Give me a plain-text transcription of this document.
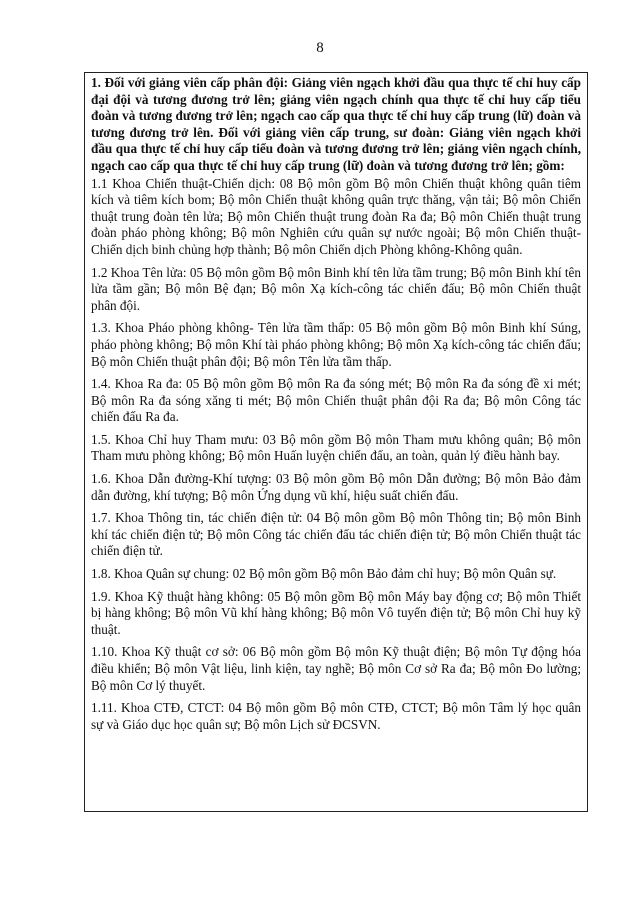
8

1. Đối với giảng viên cấp phân đội: Giảng viên ngạch khởi đầu qua thực tế chỉ huy cấp đại đội và tương đương trở lên; giảng viên ngạch chính qua thực tế chỉ huy cấp tiểu đoàn và tương đương trở lên; ngạch cao cấp qua thực tế chỉ huy cấp trung (lữ) đoàn và tương đương trở lên. Đối với giảng viên cấp trung, sư đoàn: Giảng viên ngạch khởi đầu qua thực tế chỉ huy cấp tiểu đoàn và tương đương trở lên; giảng viên ngạch chính, ngạch cao cấp qua thực tế chỉ huy cấp trung (lữ) đoàn và tương đương trở lên; gồm:

1.1 Khoa Chiến thuật-Chiến dịch: 08 Bộ môn gồm Bộ môn Chiến thuật không quân tiêm kích và tiêm kích bom; Bộ môn Chiến thuật không quân trực thăng, vận tải; Bộ môn Chiến thuật trung đoàn tên lửa; Bộ môn Chiến thuật trung đoàn Ra đa; Bộ môn Chiến thuật trung đoàn pháo phòng không; Bộ môn Nghiên cứu quân sự nước ngoài; Bộ môn Chiến thuật-Chiến dịch binh chủng hợp thành; Bộ môn Chiến dịch Phòng không-Không quân.

1.2 Khoa Tên lửa: 05 Bộ môn gồm Bộ môn Binh khí tên lửa tầm trung; Bộ môn Binh khí tên lửa tầm gần; Bộ môn Bệ đạn; Bộ môn Xạ kích-công tác chiến đấu; Bộ môn Chiến thuật phân đội.

1.3. Khoa Pháo phòng không- Tên lửa tầm thấp: 05 Bộ môn gồm Bộ môn Binh khí Súng, pháo phòng không; Bộ môn Khí tài pháo phòng không; Bộ môn Xạ kích-công tác chiến đấu; Bộ môn Chiến thuật phân đội; Bộ môn Tên lửa tầm thấp.

1.4. Khoa Ra đa: 05 Bộ môn gồm Bộ môn Ra đa sóng mét; Bộ môn Ra đa sóng đề xi mét; Bộ môn Ra đa sóng xăng ti mét; Bộ môn Chiến thuật phân đội Ra đa; Bộ môn Công tác chiến đấu Ra đa.

1.5. Khoa Chỉ huy Tham mưu: 03 Bộ môn gồm Bộ môn Tham mưu không quân; Bộ môn Tham mưu phòng không; Bộ môn Huấn luyện chiến đấu, an toàn, quản lý điều hành bay.

1.6. Khoa Dẫn đường-Khí tượng: 03 Bộ môn gồm Bộ môn Dẫn đường; Bộ môn Bảo đảm dẫn đường, khí tượng; Bộ môn Ứng dụng vũ khí, hiệu suất chiến đấu.

1.7. Khoa Thông tin, tác chiến điện tử: 04 Bộ môn gồm Bộ môn Thông tin; Bộ môn Binh khí tác chiến điện tử; Bộ môn Công tác chiến đấu tác chiến điện tử; Bộ môn Chiến thuật tác chiến điện tử.

1.8. Khoa Quân sự chung: 02 Bộ môn gồm Bộ môn Bảo đảm chỉ huy; Bộ môn Quân sự.

1.9. Khoa Kỹ thuật hàng không: 05 Bộ môn gồm Bộ môn Máy bay động cơ; Bộ môn Thiết bị hàng không; Bộ môn Vũ khí hàng không; Bộ môn Vô tuyến điện tử; Bộ môn Chỉ huy kỹ thuật.

1.10. Khoa Kỹ thuật cơ sở: 06 Bộ môn gồm Bộ môn Kỹ thuật điện; Bộ môn Tự động hóa điều khiển; Bộ môn Vật liệu, linh kiện, tay nghề; Bộ môn Cơ sở Ra đa; Bộ môn Đo lường; Bộ môn Cơ lý thuyết.

1.11. Khoa CTĐ, CTCT: 04 Bộ môn gồm Bộ môn CTĐ, CTCT; Bộ môn Tâm lý học quân sự và Giáo dục học quân sự; Bộ môn Lịch sử ĐCSVN.
